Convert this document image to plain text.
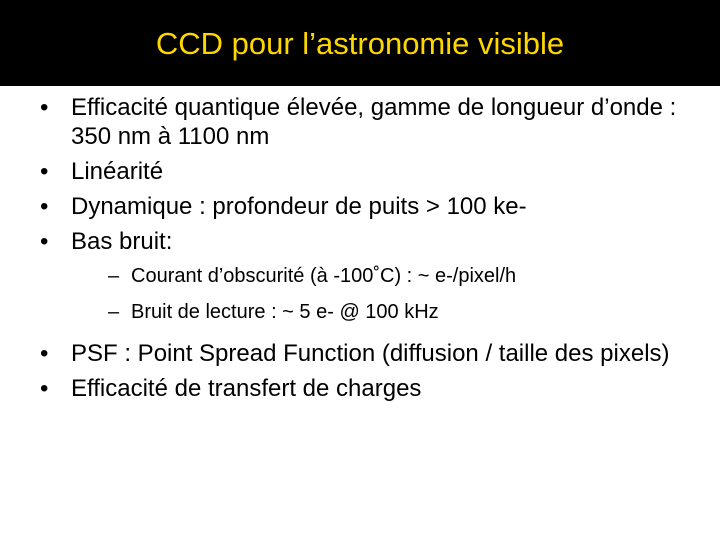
CCD pour l’astronomie visible
• Efficacité quantique élevée, gamme de longueur d’onde : 350 nm à 1100 nm
• Linéarité
• Dynamique : profondeur de puits > 100 ke-
• Bas bruit:
– Courant d’obscurité (à -100˚C) : ~ e-/pixel/h
– Bruit de lecture : ~ 5 e- @ 100 kHz
• PSF : Point Spread Function (diffusion / taille des pixels)
• Efficacité de transfert de charges
